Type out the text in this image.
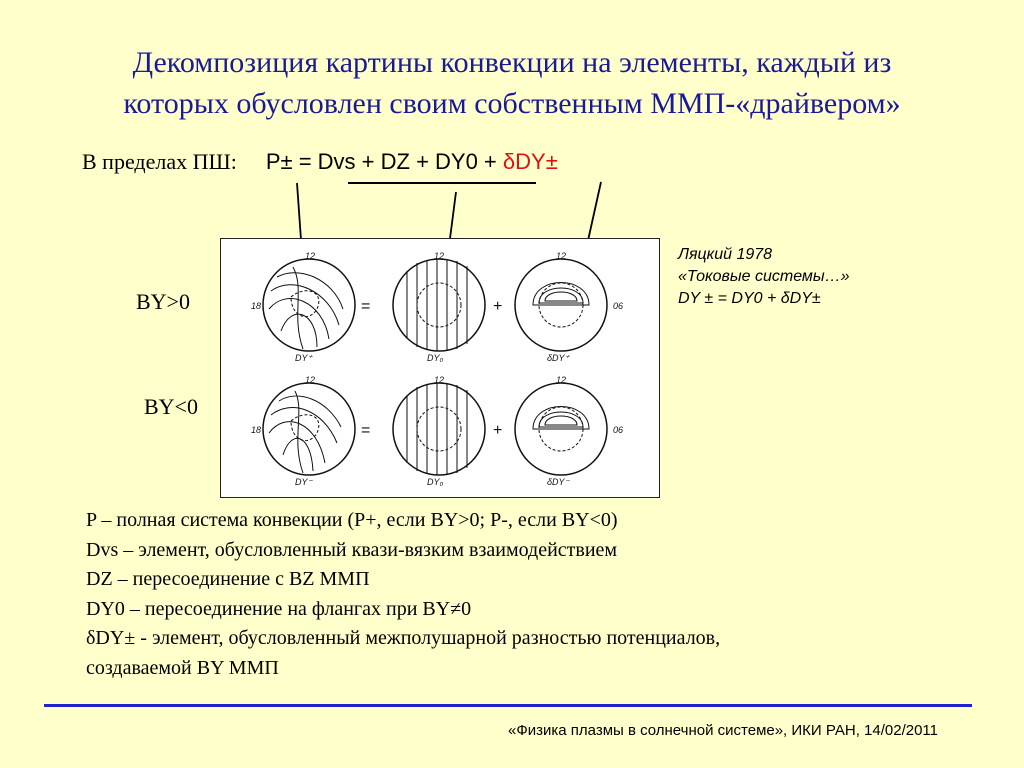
Декомпозиция картины конвекции на элементы, каждый из
которых обусловлен своим собственным ММП-«драйвером»
В пределах ПШ: P± = Dvs + DZ + DY0 + δDY±
BY>0
BY<0
12
18
DY⁺
=
12
DY₀
+
12
06
δDY⁺
12
18
DY⁻
=
12
DY₀
+
12
06
δDY⁻
Ляцкий 1978
«Токовые системы…»
DY ± = DY0 + δDY±
P – полная система конвекции (P+, если BY>0; P-, если BY<0)
Dvs – элемент, обусловленный квази-вязким взаимодействием
DZ – пересоединение с BZ ММП
DY0 – пересоединение на флангах при BY≠0
δDY± - элемент, обусловленный межполушарной разностью потенциалов,
создаваемой BY ММП
«Физика плазмы в солнечной системе», ИКИ РАН, 14/02/2011
